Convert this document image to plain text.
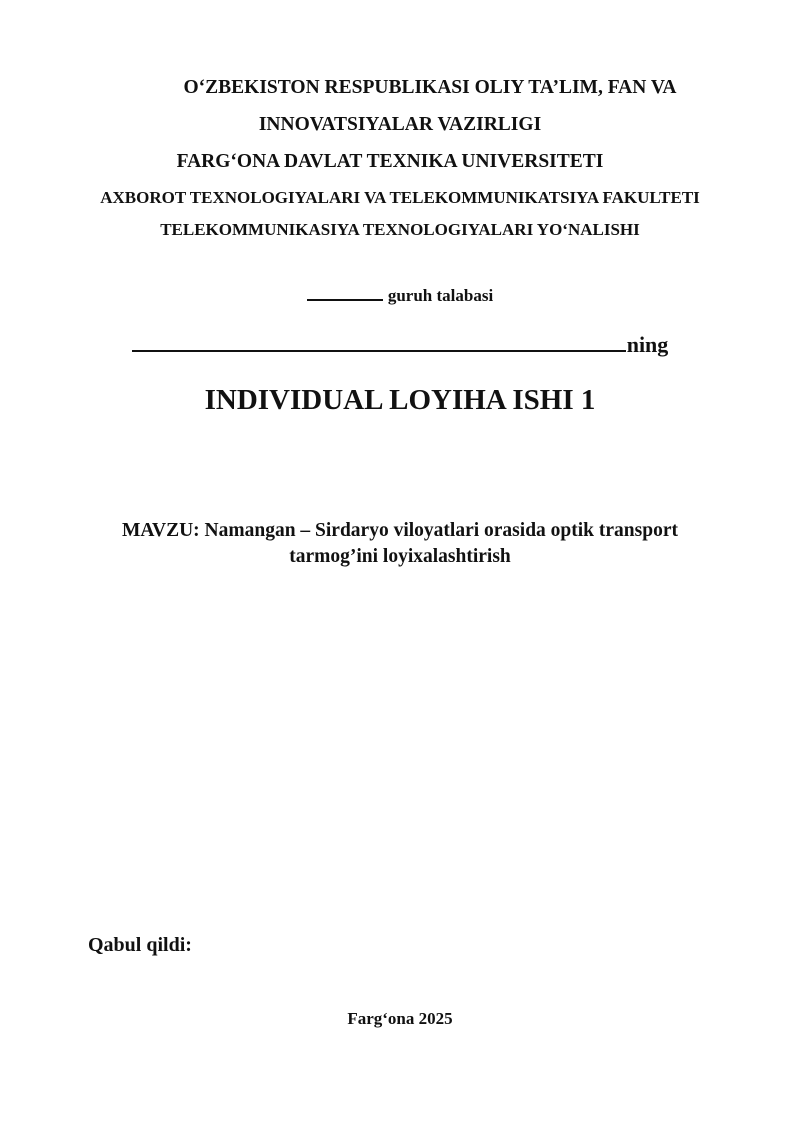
O‘ZBEKISTON RESPUBLIKASI OLIY TA’LIM, FAN VA

INNOVATSIYALAR VAZIRLIGI

FARG‘ONA DAVLAT TEXNIKA UNIVERSITETI

AXBOROT TEXNOLOGIYALARI VA TELEKOMMUNIKATSIYA FAKULTETI

TELEKOMMUNIKASIYA TEXNOLOGIYALARI YO‘NALISHI

guruh talabasi

ning

INDIVIDUAL LOYIHA ISHI 1

MAVZU: Namangan – Sirdaryo viloyatlari orasida optik transport

tarmog’ini loyixalashtirish

Qabul qildi:

Farg‘ona 2025
